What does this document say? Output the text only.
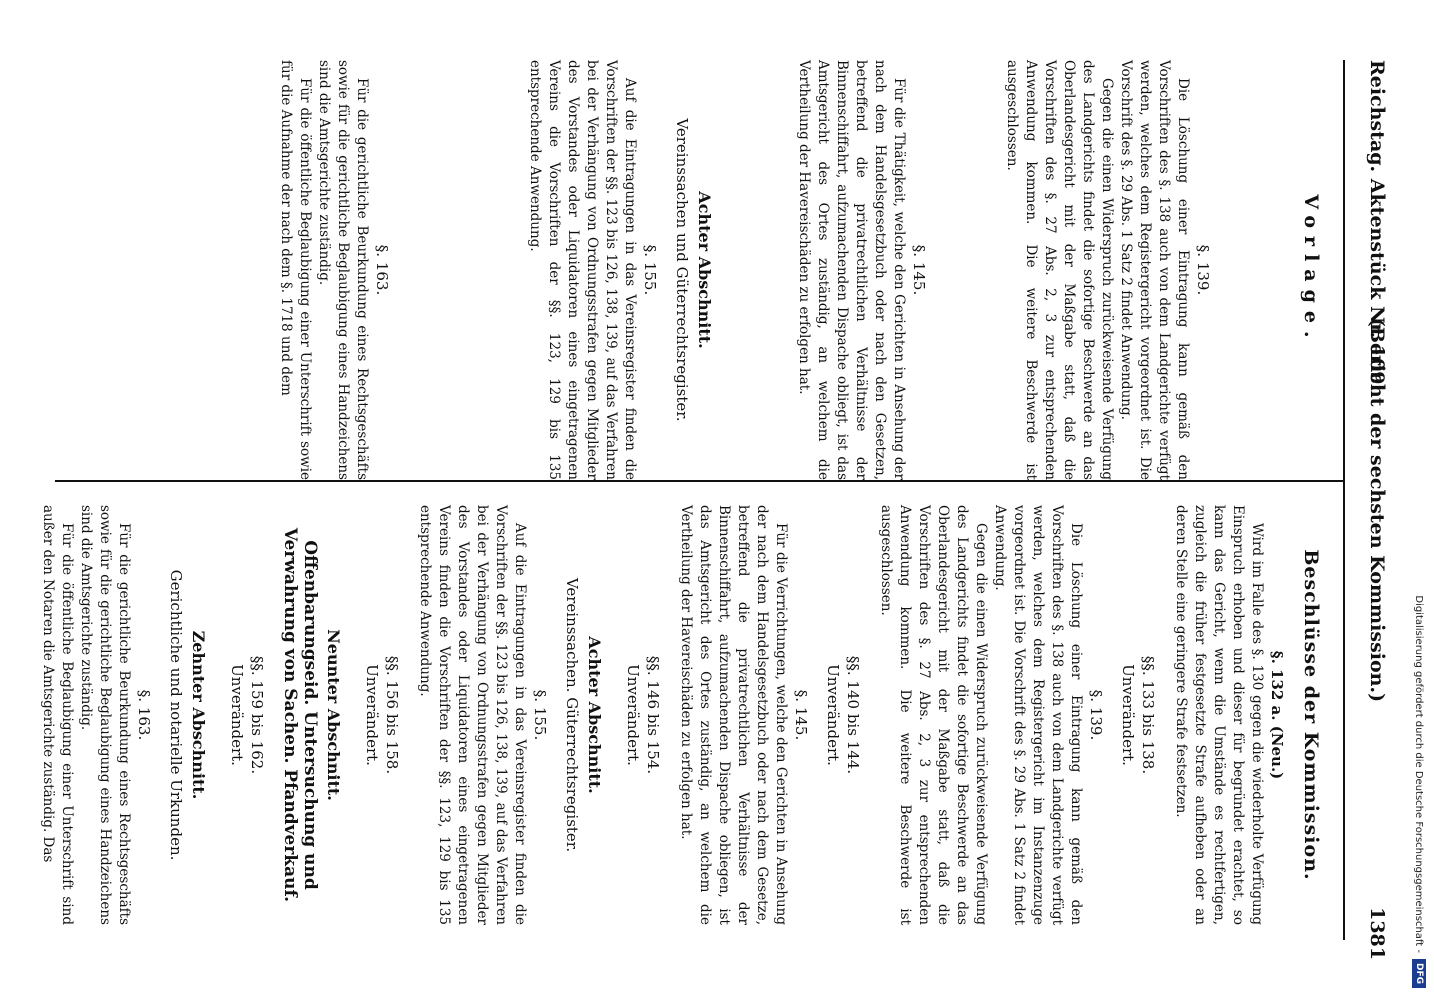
Reichstag. Aktenstück Nr. 109.
(Bericht der sechsten Kommission.)
1381
Vorlage.
§. 139.

Die Löschung einer Eintragung kann gemäß den Vorschriften des §. 138 auch von dem Landgerichte verfügt werden, welches dem Registergericht vorgeordnet ist. Die Vorschrift des §. 29 Abs. 1 Satz 2 findet Anwendung.

Gegen die einen Widerspruch zurückweisende Verfügung des Landgerichts findet die sofortige Beschwerde an das Oberlandesgericht mit der Maßgabe statt, daß die Vorschriften des §. 27 Abs. 2, 3 zur entsprechenden Anwendung kommen. Die weitere Beschwerde ist ausgeschlossen.

§. 145.

Für die Thätigkeit, welche den Gerichten in Ansehung der nach dem Handelsgesetzbuch oder nach den Gesetzen, betreffend die privatrechtlichen Verhältnisse der Binnenschiffahrt, aufzumachenden Dispache obliegt, ist das Amtsgericht des Ortes zuständig, an welchem die Vertheilung der Havereischäden zu erfolgen hat.

Achter Abschnitt.
Vereinssachen und Güterrechtsregister.
§. 155.

Auf die Eintragungen in das Vereinsregister finden die Vorschriften der §§. 123 bis 126, 138, 139, auf das Verfahren bei der Verhängung von Ordnungsstrafen gegen Mitglieder des Vorstandes oder Liquidatoren eines eingetragenen Vereins die Vorschriften der §§. 123, 129 bis 135 entsprechende Anwendung.

§. 163.

Für die gerichtliche Beurkundung eines Rechtsgeschäfts sowie für die gerichtliche Beglaubigung eines Handzeichens sind die Amtsgerichte zuständig.

Für die öffentliche Beglaubigung einer Unterschrift sowie für die Aufnahme der nach dem §. 1718 und dem

Beschlüsse der Kommission.
§. 132 a. (Neu.)

Wird im Falle des §. 130 gegen die wiederholte Verfügung Einspruch erhoben und dieser für begründet erachtet, so kann das Gericht, wenn die Umstände es rechtfertigen, zugleich die früher festgesetzte Strafe aufheben oder an deren Stelle eine geringere Strafe festsetzen.

§§. 133 bis 138.
Unverändert.
§. 139.

Die Löschung einer Eintragung kann gemäß den Vorschriften des §. 138 auch von dem Landgerichte verfügt werden, welches dem Registergericht im Instanzenzuge vorgeordnet ist. Die Vorschrift des §. 29 Abs. 1 Satz 2 findet Anwendung.

Gegen die einen Widerspruch zurückweisende Verfügung des Landgerichts findet die sofortige Beschwerde an das Oberlandesgericht mit der Maßgabe statt, daß die Vorschriften des §. 27 Abs. 2, 3 zur entsprechenden Anwendung kommen. Die weitere Beschwerde ist ausgeschlossen.

§§. 140 bis 144.
Unverändert.
§. 145.

Für die Verrichtungen, welche den Gerichten in Ansehung der nach dem Handelsgesetzbuch oder nach dem Gesetze, betreffend die privatrechtlichen Verhältnisse der Binnenschiffahrt, aufzumachenden Dispache obliegen, ist das Amtsgericht des Ortes zuständig, an welchem die Vertheilung der Havereischäden zu erfolgen hat.

§§. 146 bis 154.
Unverändert.
Achter Abschnitt.
Vereinssachen. Güterrechtsregister.
§. 155.

Auf die Eintragungen in das Vereinsregister finden die Vorschriften der §§. 123 bis 126, 138, 139, auf das Verfahren bei der Verhängung von Ordnungsstrafen gegen Mitglieder des Vorstandes oder Liquidatoren eines eingetragenen Vereins finden die Vorschriften der §§. 123, 129 bis 135 entsprechende Anwendung.

§§. 156 bis 158.
Unverändert.
Neunter Abschnitt.
Offenbarungseid. Untersuchung und Verwahrung von Sachen. Pfandverkauf.
§§. 159 bis 162.
Unverändert.
Zehnter Abschnitt.
Gerichtliche und notarielle Urkunden.
§. 163.

Für die gerichtliche Beurkundung eines Rechtsgeschäfts sowie für die gerichtliche Beglaubigung eines Handzeichens sind die Amtsgerichte zuständig.

Für die öffentliche Beglaubigung einer Unterschrift sind außer den Notaren die Amtsgerichte zuständig. Das	Digitalisierung gefördert durch die Deutsche Forschungsgemeinschaft -
DFG
